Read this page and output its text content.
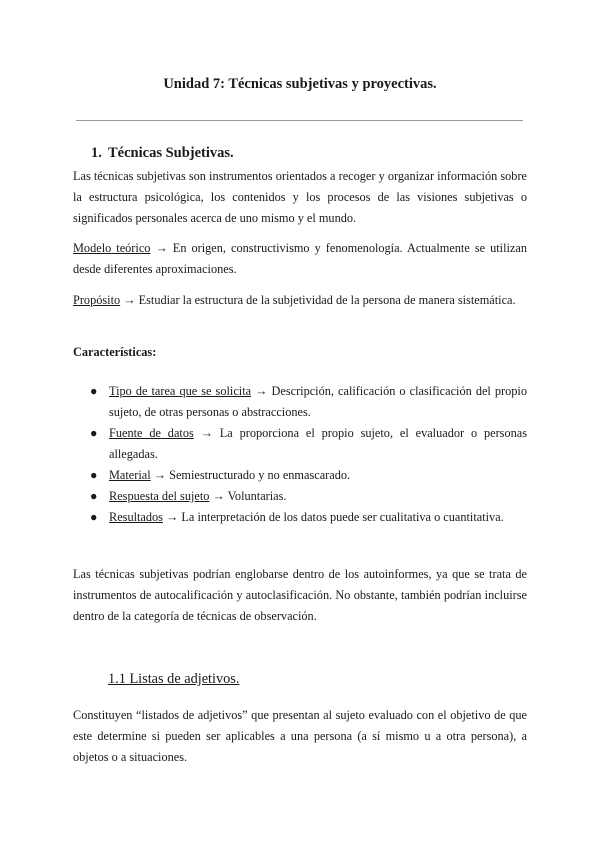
Unidad 7: Técnicas subjetivas y proyectivas.
1. Técnicas Subjetivas.

Las técnicas subjetivas son instrumentos orientados a recoger y organizar información sobre la estructura psicológica, los contenidos y los procesos de las visiones subjetivas o significados personales acerca de uno mismo y el mundo.

Modelo teórico → En origen, constructivismo y fenomenología. Actualmente se utilizan desde diferentes aproximaciones.

Propósito → Estudiar la estructura de la subjetividad de la persona de manera sistemática.

Características:

● Tipo de tarea que se solicita → Descripción, calificación o clasificación del propio sujeto, de otras personas o abstracciones.
● Fuente de datos → La proporciona el propio sujeto, el evaluador o personas allegadas.
● Material → Semiestructurado y no enmascarado.
● Respuesta del sujeto → Voluntarias.
● Resultados → La interpretación de los datos puede ser cualitativa o cuantitativa.

Las técnicas subjetivas podrían englobarse dentro de los autoinformes, ya que se trata de instrumentos de autocalificación y autoclasificación. No obstante, también podrían incluirse dentro de la categoría de técnicas de observación.

1.1 Listas de adjetivos.

Constituyen “listados de adjetivos” que presentan al sujeto evaluado con el objetivo de que este determine si pueden ser aplicables a una persona (a sí mismo u a otra persona), a objetos o a situaciones.
